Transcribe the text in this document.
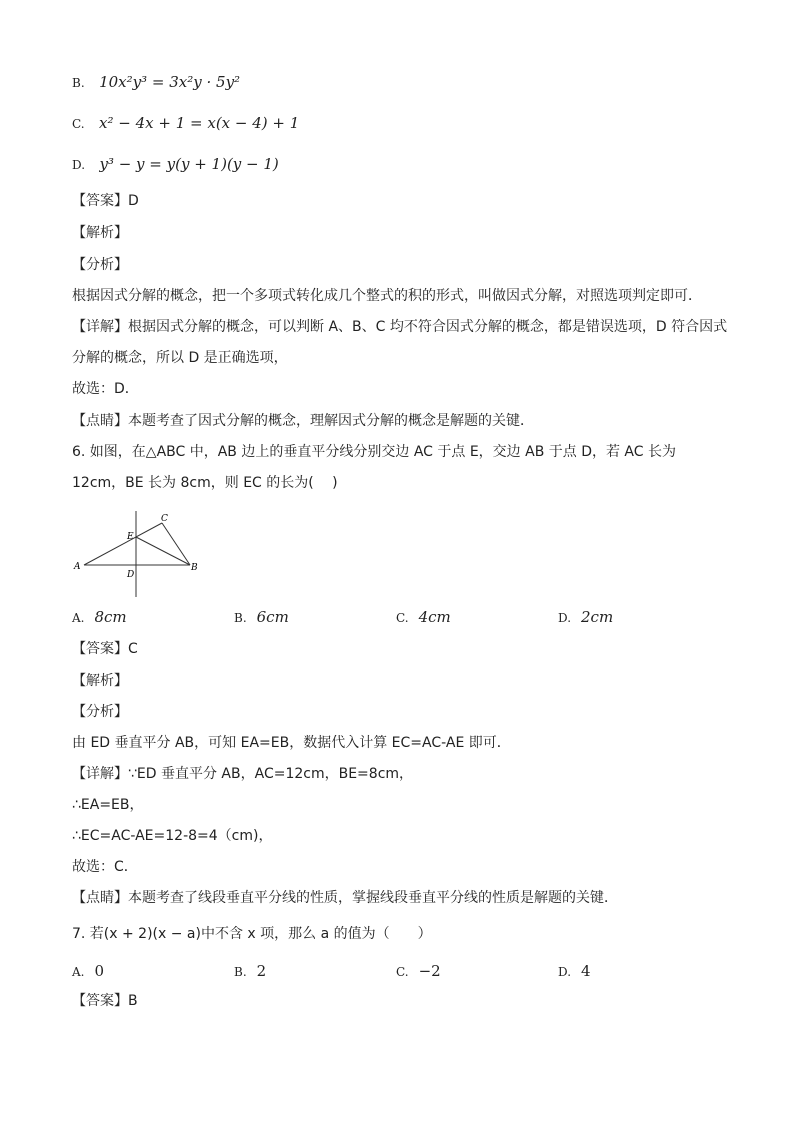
B. 10x²y³ = 3x²y · 5y²
C. x² − 4x + 1 = x(x − 4) + 1
D. y³ − y = y(y + 1)(y − 1)
【答案】D
【解析】
【分析】
根据因式分解的概念，把一个多项式转化成几个整式的积的形式，叫做因式分解，对照选项判定即可．
【详解】根据因式分解的概念，可以判断 A、B、C 均不符合因式分解的概念，都是错误选项，D 符合因式
分解的概念，所以 D 是正确选项，
故选：D．
【点睛】本题考查了因式分解的概念，理解因式分解的概念是解题的关键．
6. 如图，在△ABC 中，AB 边上的垂直平分线分别交边 AC 于点 E，交边 AB 于点 D，若 AC 长为
12cm，BE 长为 8cm，则 EC 的长为(　 )
A	B
C
D
E
A. 8cm	B. 6cm	C. 4cm	D. 2cm
【答案】C
【解析】
【分析】
由 ED 垂直平分 AB，可知 EA=EB，数据代入计算 EC=AC-AE 即可．
【详解】∵ED 垂直平分 AB，AC=12cm，BE=8cm，
∴EA=EB，
∴EC=AC-AE=12-8=4（cm)，
故选：C．
【点睛】本题考查了线段垂直平分线的性质，掌握线段垂直平分线的性质是解题的关键．
7. 若(x + 2)(x − a)中不含 x 项，那么 a 的值为（　　）
A. 0	B. 2	C. −2	D. 4
【答案】B
